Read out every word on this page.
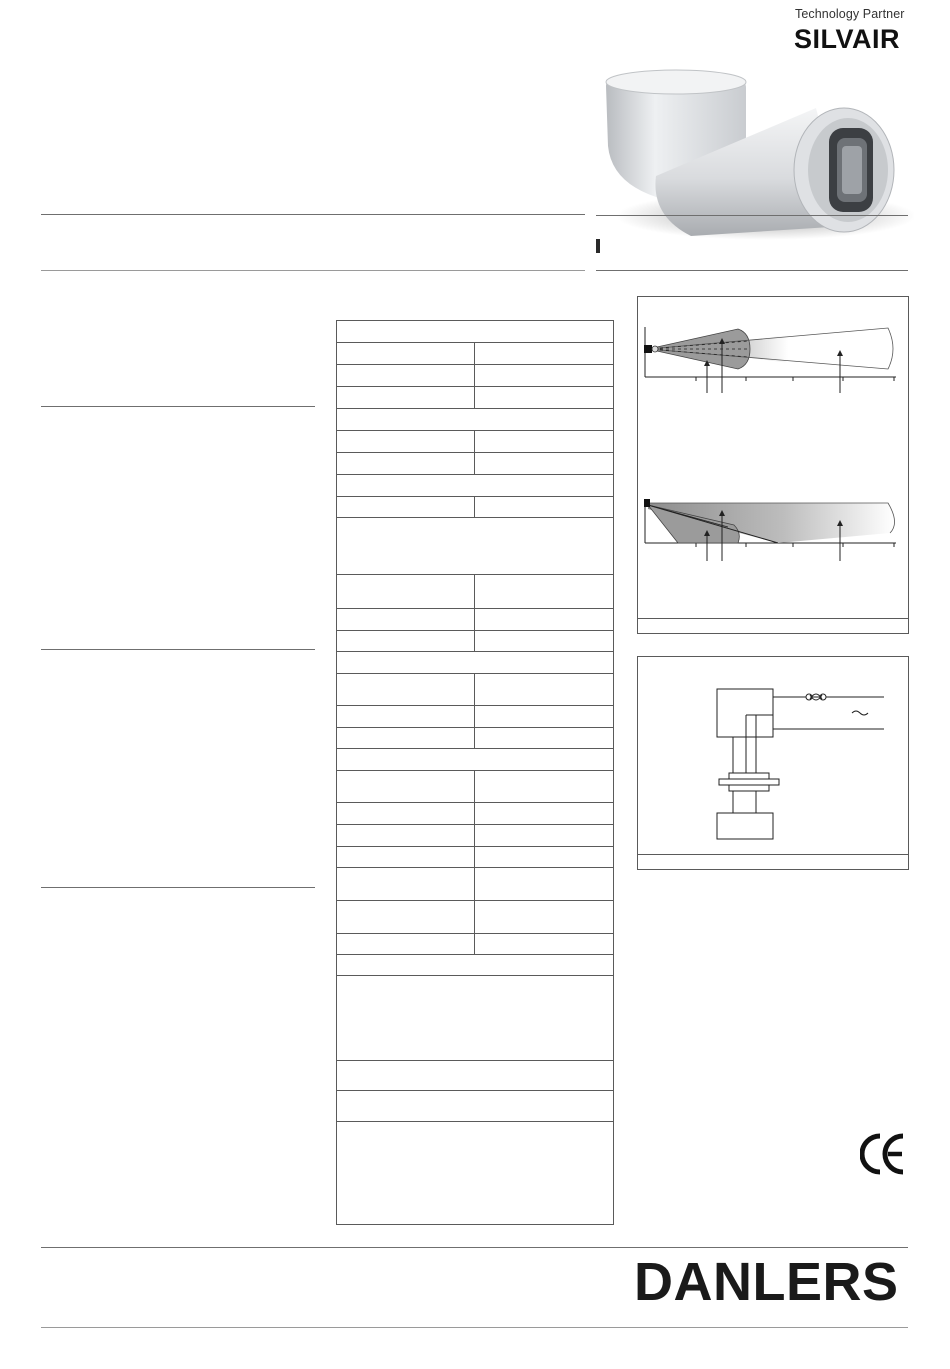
Technology Partner
SILVAIR
DANLERS
